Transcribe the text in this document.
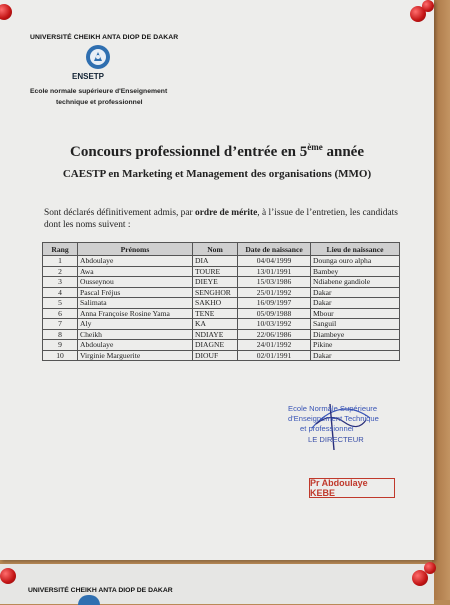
UNIVERSITÉ CHEIKH ANTA DIOP DE DAKAR
ENSETP
Ecole normale supérieure d'Enseignement
technique et professionnel
Concours professionnel d’entrée en 5ème année
CAESTP en Marketing et Management des organisations (MMO)
Sont déclarés définitivement admis, par ordre de mérite, à l’issue de l’entretien, les candidats dont les noms suivent :
Rang	Prénoms	Nom	Date de naissance	Lieu de naissance
1	Abdoulaye	DIA	04/04/1999	Dounga ouro alpha
2	Awa	TOURE	13/01/1991	Bambey
3	Ousseynou	DIEYE	15/03/1986	Ndiabene gandiole
4	Pascal Fréjus	SENGHOR	25/01/1992	Dakar
5	Salimata	SAKHO	16/09/1997	Dakar
6	Anna Françoise Rosine Yama	TENE	05/09/1988	Mbour
7	Aly	KA	10/03/1992	Sanguil
8	Cheikh	NDIAYE	22/06/1986	Diambeye
9	Abdoulaye	DIAGNE	24/01/1992	Pikine
10	Virginie Marguerite	DIOUF	02/01/1991	Dakar
Ecole Normale Supérieure
d'Enseignement Technique
et professionnel
LE DIRECTEUR
Pr Abdoulaye KEBE
UNIVERSITÉ CHEIKH ANTA DIOP DE DAKAR
